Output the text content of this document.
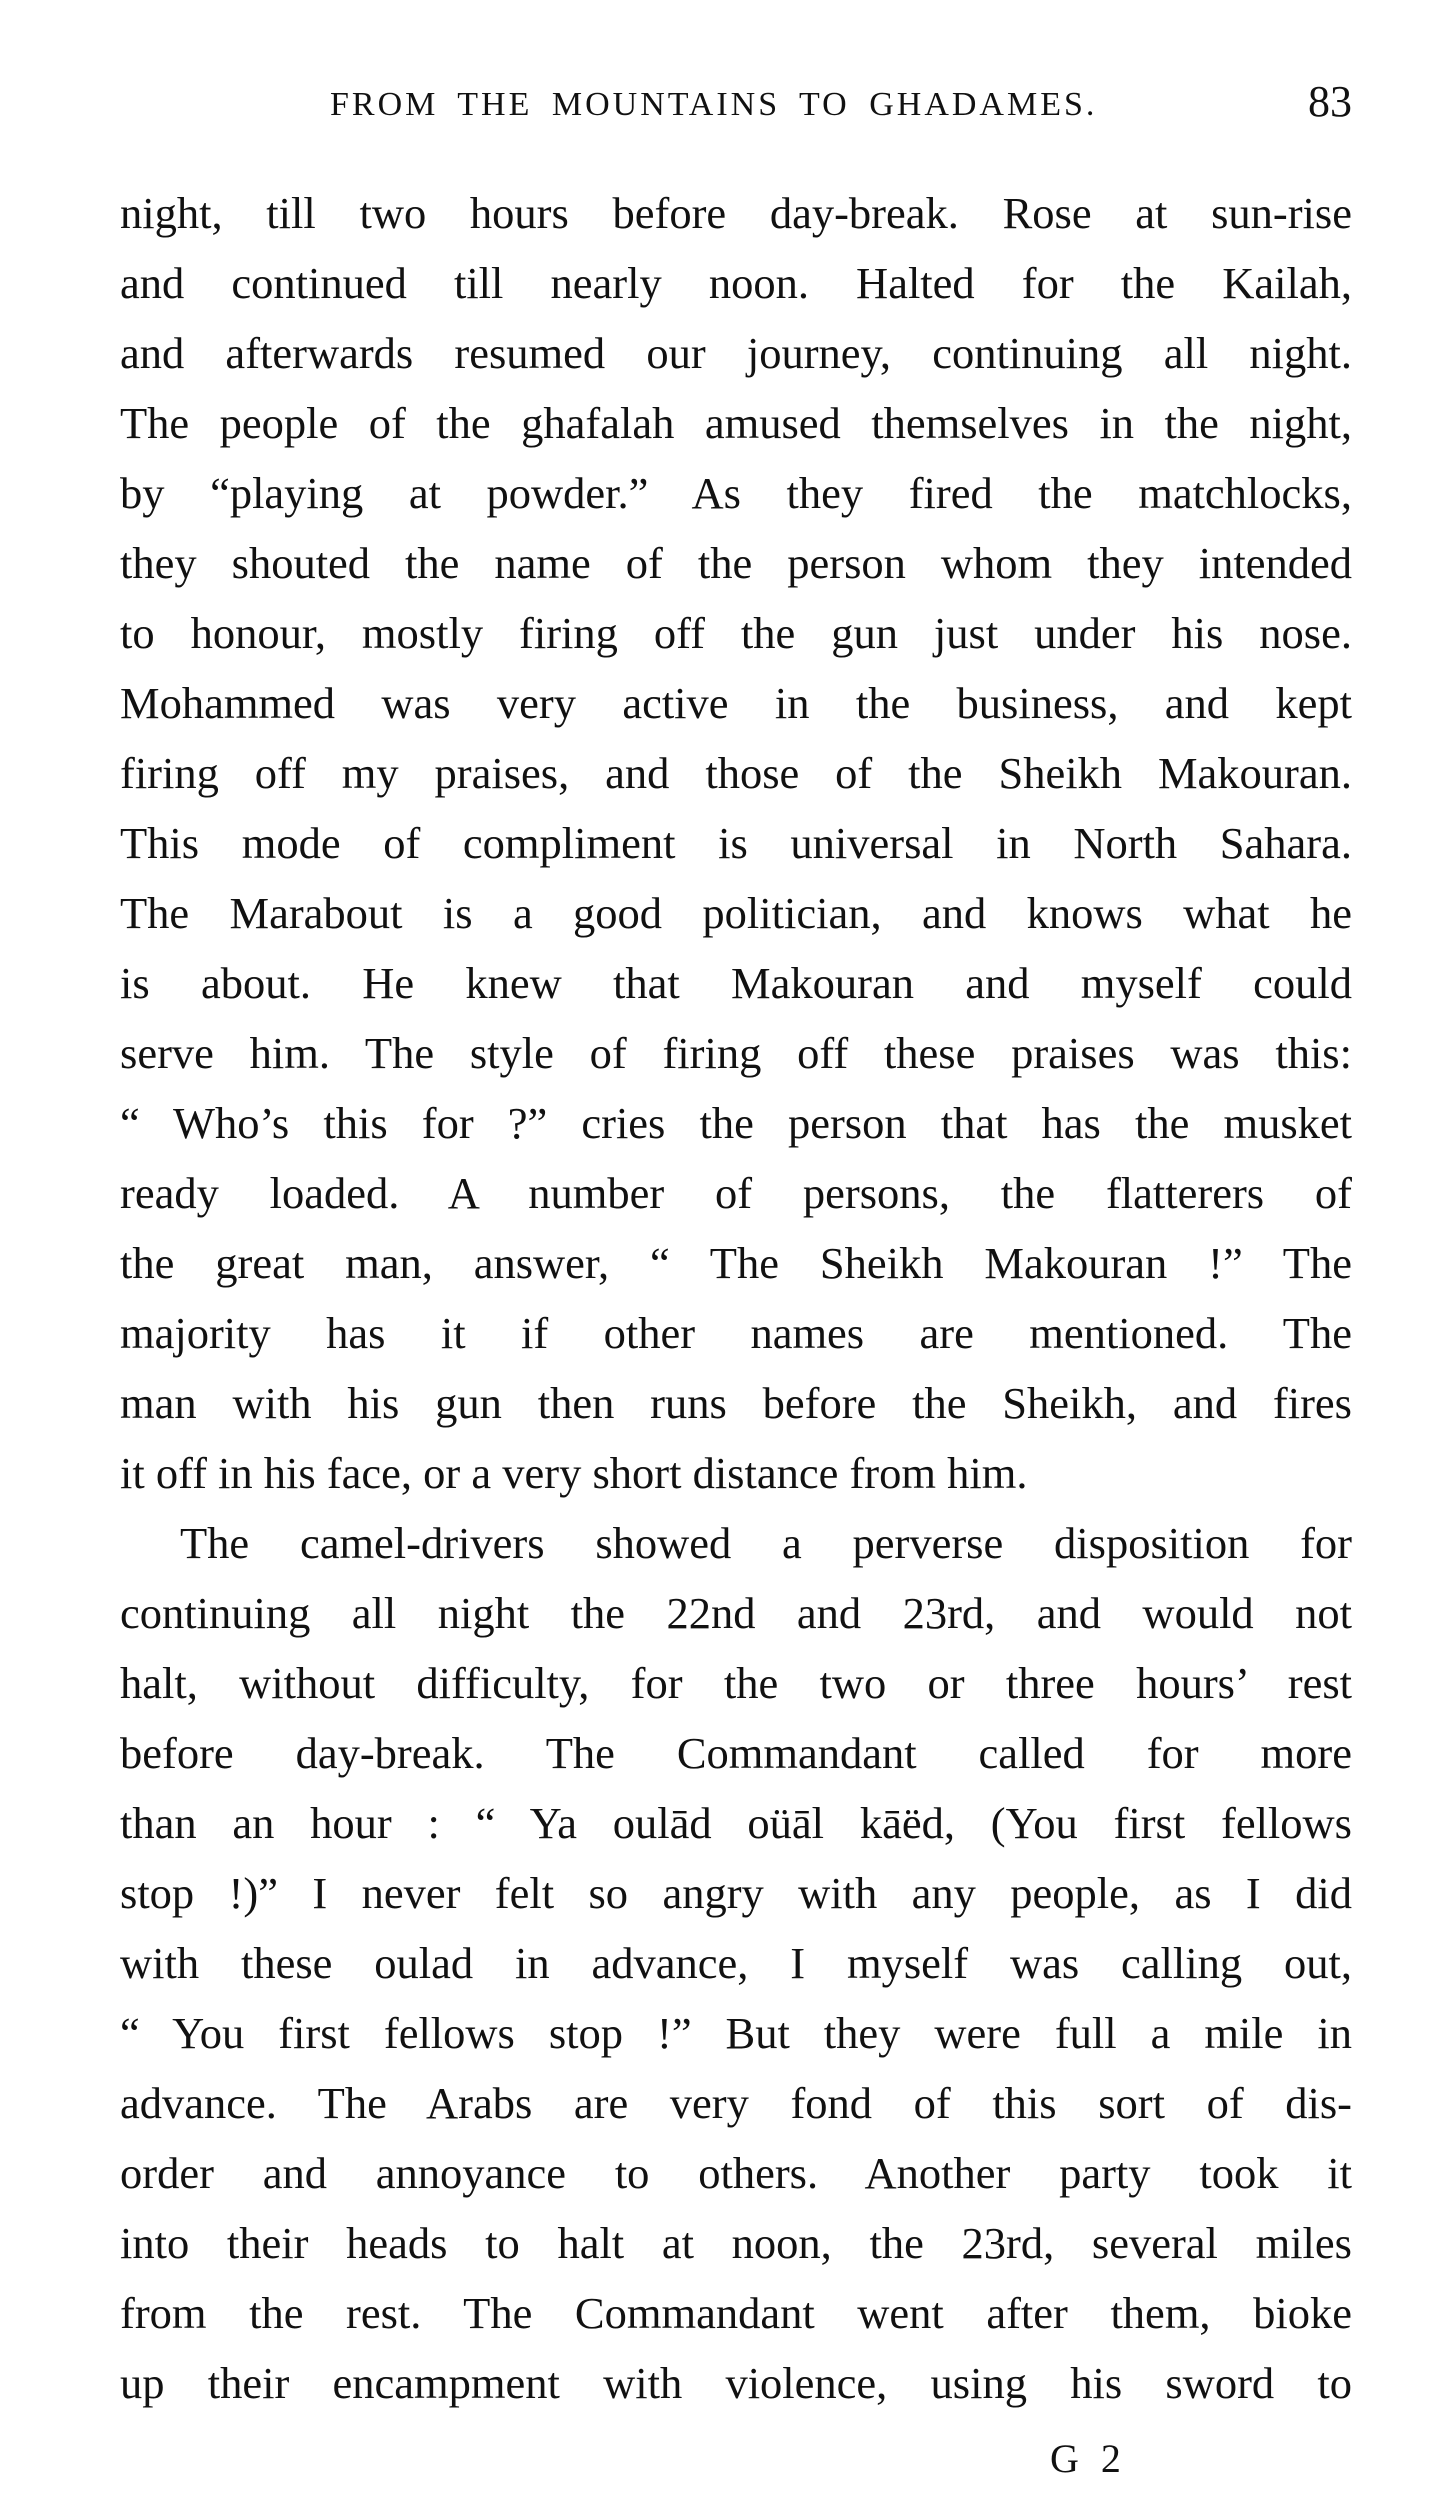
FROM THE MOUNTAINS TO GHADAMES.	83
night, till two hours before day-break. Rose at sun-rise
and continued till nearly noon. Halted for the Kailah,
and afterwards resumed our journey, continuing all night.
The people of the ghafalah amused themselves in the night,
by “playing at powder.” As they fired the matchlocks,
they shouted the name of the person whom they intended
to honour, mostly firing off the gun just under his nose.
Mohammed was very active in the business, and kept
firing off my praises, and those of the Sheikh Makouran.
This mode of compliment is universal in North Sahara.
The Marabout is a good politician, and knows what he
is about. He knew that Makouran and myself could
serve him. The style of firing off these praises was this:
“ Who’s this for ?” cries the person that has the musket
ready loaded. A number of persons, the flatterers of
the great man, answer, “ The Sheikh Makouran !” The
majority has it if other names are mentioned. The
man with his gun then runs before the Sheikh, and fires
it off in his face, or a very short distance from him.
The camel-drivers showed a perverse disposition for
continuing all night the 22nd and 23rd, and would not
halt, without difficulty, for the two or three hours’ rest
before day-break. The Commandant called for more
than an hour : “ Ya oulād oüāl kāëd, (You first fellows
stop !)” I never felt so angry with any people, as I did
with these oulad in advance, I myself was calling out,
“ You first fellows stop !” But they were full a mile in
advance. The Arabs are very fond of this sort of dis-
order and annoyance to others. Another party took it
into their heads to halt at noon, the 23rd, several miles
from the rest. The Commandant went after them, bioke
up their encampment with violence, using his sword to
G 2
